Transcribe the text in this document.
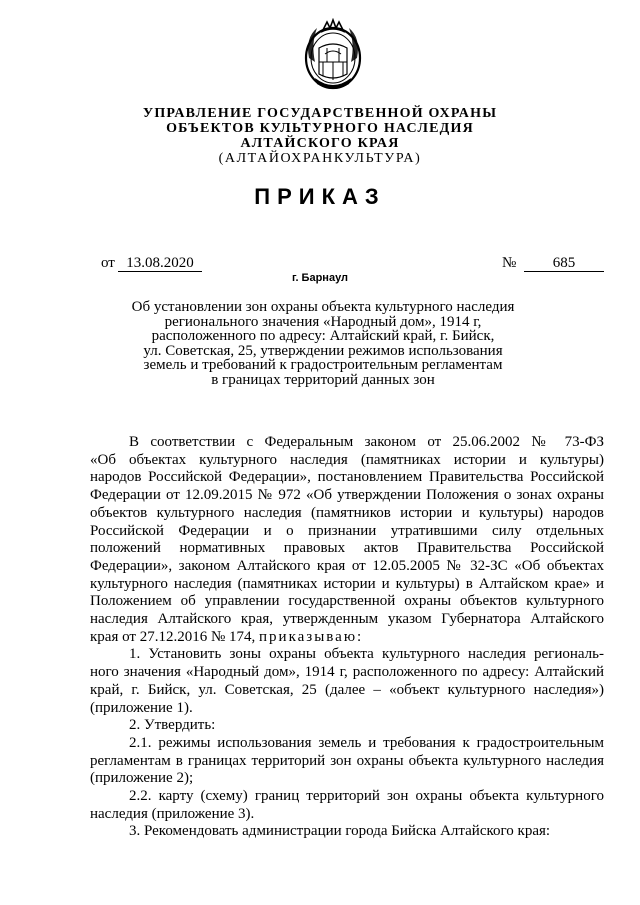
УПРАВЛЕНИЕ ГОСУДАРСТВЕННОЙ ОХРАНЫ
ОБЪЕКТОВ КУЛЬТУРНОГО НАСЛЕДИЯ
АЛТАЙСКОГО КРАЯ
(АЛТАЙОХРАНКУЛЬТУРА)
ПРИКАЗ
от 13.08.2020	№	685
г. Барнаул
Об установлении зон охраны объекта культурного наследия
регионального значения «Народный дом», 1914 г,
расположенного по адресу: Алтайский край, г. Бийск,
ул. Советская, 25, утверждении режимов использования
земель и требований к градостроительным регламентам
в границах территорий данных зон
В соответствии с Федеральным законом от 25.06.2002 № 73-ФЗ
«Об объектах культурного наследия (памятниках истории и культуры)
народов Российской Федерации», постановлением Правительства Российской
Федерации от 12.09.2015 № 972 «Об утверждении Положения о зонах охраны
объектов культурного наследия (памятников истории и культуры) народов
Российской Федерации и о признании утратившими силу отдельных
положений нормативных правовых актов Правительства Российской
Федерации», законом Алтайского края от 12.05.2005 № 32-ЗС «Об объектах
культурного наследия (памятниках истории и культуры) в Алтайском крае» и
Положением об управлении государственной охраны объектов культурного
наследия Алтайского края, утвержденным указом Губернатора Алтайского
края от 27.12.2016 № 174, приказываю:
1. Установить зоны охраны объекта культурного наследия региональ-
ного значения «Народный дом», 1914 г, расположенного по адресу: Алтайский
край, г. Бийск, ул. Советская, 25 (далее – «объект культурного наследия»)
(приложение 1).
2. Утвердить:
2.1. режимы использования земель и требования к градостроительным
регламентам в границах территорий зон охраны объекта культурного наследия
(приложение 2);
2.2. карту (схему) границ территорий зон охраны объекта культурного
наследия (приложение 3).
3. Рекомендовать администрации города Бийска Алтайского края:
